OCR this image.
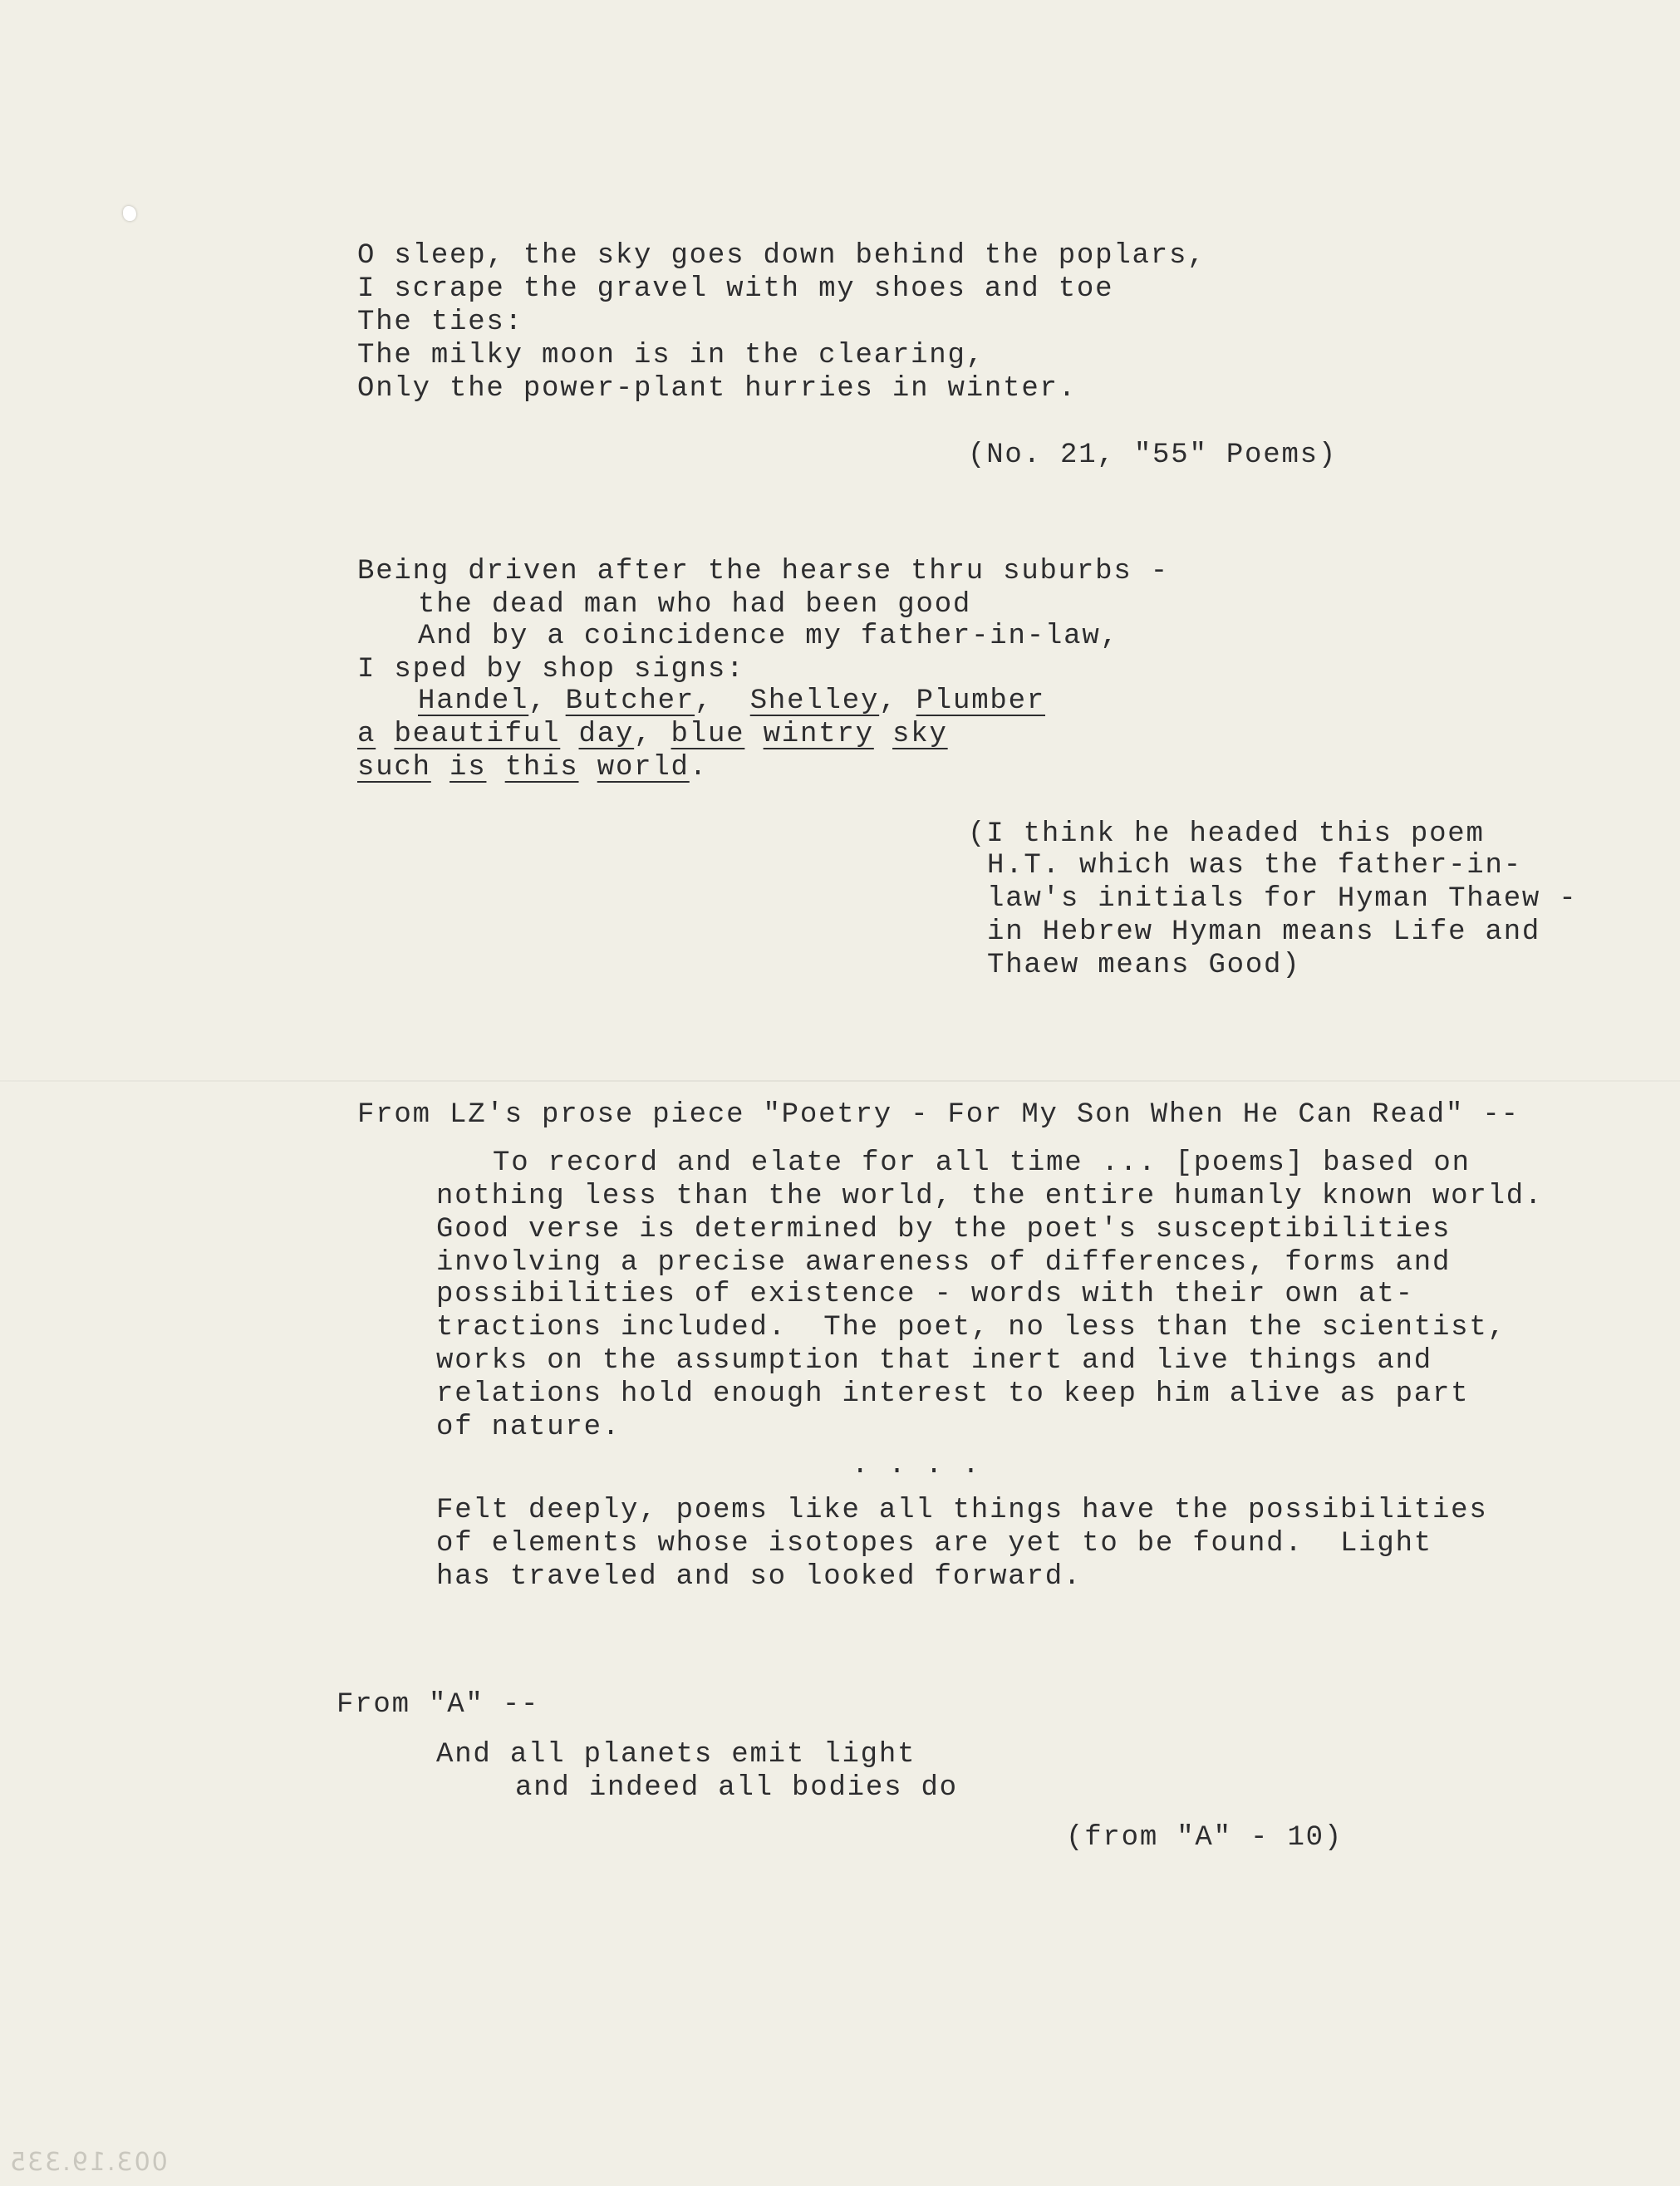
O sleep, the sky goes down behind the poplars,
I scrape the gravel with my shoes and toe
The ties:
The milky moon is in the clearing,
Only the power-plant hurries in winter.
(No. 21, "55" Poems)
Being driven after the hearse thru suburbs -
the dead man who had been good
And by a coincidence my father-in-law,
I sped by shop signs:
Handel, Butcher,  Shelley, Plumber
a beautiful day, blue wintry sky
such is this world.
(I think he headed this poem
H.T. which was the father-in-
law's initials for Hyman Thaew -
in Hebrew Hyman means Life and
Thaew means Good)
From LZ's prose piece "Poetry - For My Son When He Can Read" --
To record and elate for all time ... [poems] based on
nothing less than the world, the entire humanly known world.
Good verse is determined by the poet's susceptibilities
involving a precise awareness of differences, forms and
possibilities of existence - words with their own at-
tractions included.  The poet, no less than the scientist,
works on the assumption that inert and live things and
relations hold enough interest to keep him alive as part
of nature.
. . . .
Felt deeply, poems like all things have the possibilities
of elements whose isotopes are yet to be found.  Light
has traveled and so looked forward.
From "A" --
And all planets emit light
and indeed all bodies do
(from "A" - 10)
003.19.335
